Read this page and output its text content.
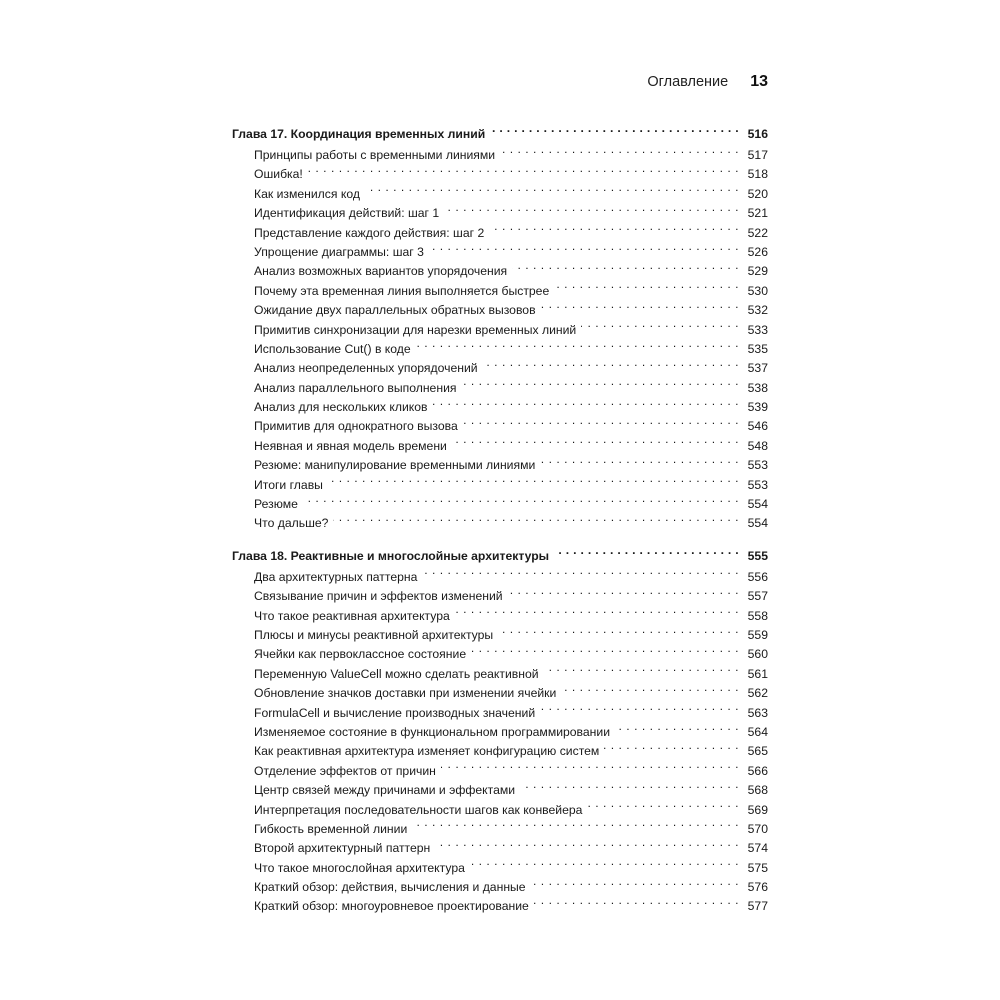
Оглавление 13
Глава 17. Координация временных линий . . .	516
Принципы работы с временными линиями . . .	517
Ошибка! . . .	518
Как изменился код . . .	520
Идентификация действий: шаг 1 . . .	521
Представление каждого действия: шаг 2 . . .	522
Упрощение диаграммы: шаг 3 . . .	526
Анализ возможных вариантов упорядочения . . .	529
Почему эта временная линия выполняется быстрее . . .	530
Ожидание двух параллельных обратных вызовов . . .	532
Примитив синхронизации для нарезки временных линий . . .	533
Использование Cut() в коде . . .	535
Анализ неопределенных упорядочений . . .	537
Анализ параллельного выполнения . . .	538
Анализ для нескольких кликов . . .	539
Примитив для однократного вызова . . .	546
Неявная и явная модель времени . . .	548
Резюме: манипулирование временными линиями . . .	553
Итоги главы . . .	553
Резюме . . .	554
Что дальше? . . .	554
Глава 18. Реактивные и многослойные архитектуры . . .	555
Два архитектурных паттерна . . .	556
Связывание причин и эффектов изменений . . .	557
Что такое реактивная архитектура . . .	558
Плюсы и минусы реактивной архитектуры . . .	559
Ячейки как первоклассное состояние . . .	560
Переменную ValueCell можно сделать реактивной . . .	561
Обновление значков доставки при изменении ячейки . . .	562
FormulaCell и вычисление производных значений . . .	563
Изменяемое состояние в функциональном программировании . . .	564
Как реактивная архитектура изменяет конфигурацию систем . . .	565
Отделение эффектов от причин . . .	566
Центр связей между причинами и эффектами . . .	568
Интерпретация последовательности шагов как конвейера . . .	569
Гибкость временной линии . . .	570
Второй архитектурный паттерн . . .	574
Что такое многослойная архитектура . . .	575
Краткий обзор: действия, вычисления и данные . . .	576
Краткий обзор: многоуровневое проектирование . . .	577
